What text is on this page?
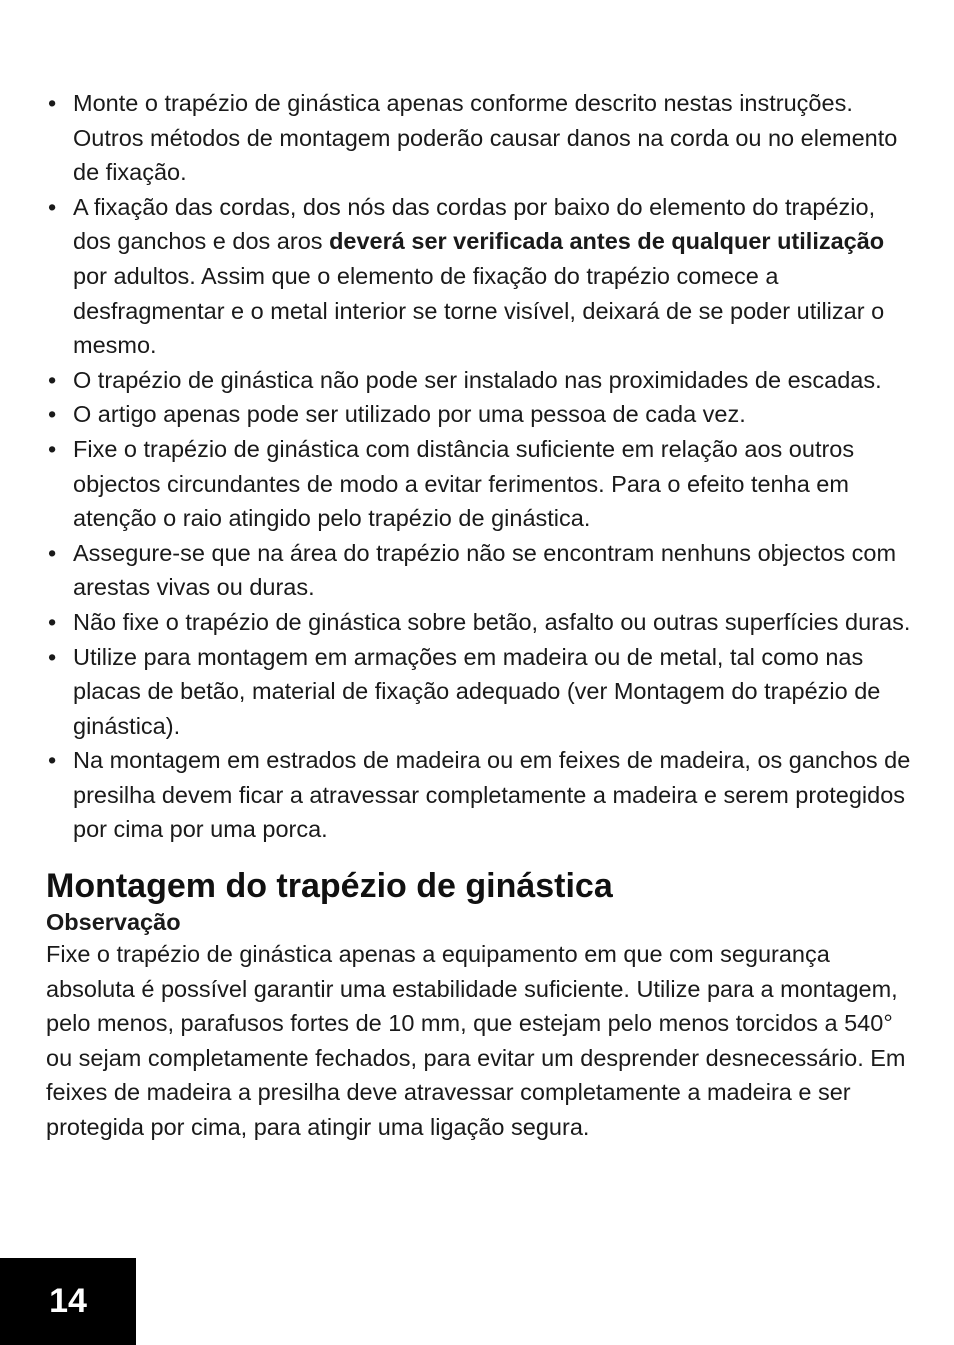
• Monte o trapézio de ginástica apenas conforme descrito nestas instruções. Outros métodos de montagem poderão causar danos na corda ou no elemento de fixação.
• A fixação das cordas, dos nós das cordas por baixo do elemento do trapézio, dos ganchos e dos aros deverá ser verificada antes de qualquer utilização por adultos. Assim que o elemento de fixação do trapézio comece a desfragmentar e o metal interior se torne visível, deixará de se poder utilizar o mesmo.
• O trapézio de ginástica não pode ser instalado nas proximidades de escadas.
• O artigo apenas pode ser utilizado por uma pessoa de cada vez.
• Fixe o trapézio de ginástica com distância suficiente em relação aos outros objectos circundantes de modo a evitar ferimentos. Para o efeito tenha em atenção o raio atingido pelo trapézio de ginástica.
• Assegure-se que na área do trapézio não se encontram nenhuns objectos com arestas vivas ou duras.
• Não fixe o trapézio de ginástica sobre betão, asfalto ou outras superfícies duras.
• Utilize para montagem em armações em madeira ou de metal, tal como nas placas de betão, material de fixação adequado (ver Montagem do trapézio de ginástica).
• Na montagem em estrados de madeira ou em feixes de madeira, os ganchos de presilha devem ficar a atravessar completamente a madeira e serem protegidos por cima por uma porca.
Montagem do trapézio de ginástica
Observação

Fixe o trapézio de ginástica apenas a equipamento em que com segurança absoluta é possível garantir uma estabilidade suficiente. Utilize para a montagem, pelo menos, parafusos fortes de 10 mm, que estejam pelo menos torcidos a 540° ou sejam completamente fechados, para evitar um desprender desnecessário. Em feixes de madeira a presilha deve atravessar completamente a madeira e ser protegida por cima, para atingir uma ligação segura.

14
